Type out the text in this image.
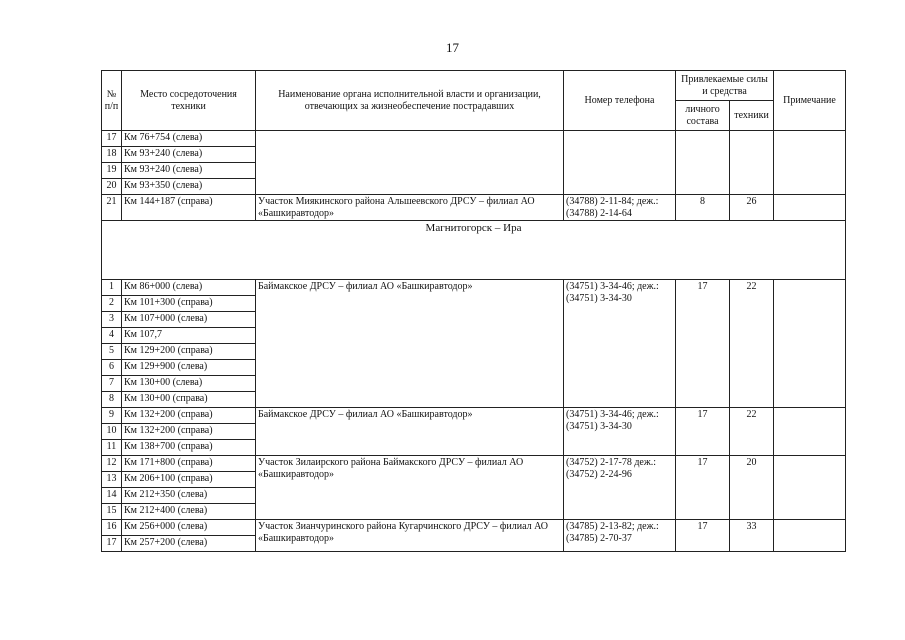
17
№ п/п	Место сосредоточения техники	Наименование органа исполнительной власти и организации, отвечающих за жизнеобеспечение пострадавших	Номер телефона	Привлекаемые силы и средства		Примечание
				личного состава	техники	
17	Км 76+754 (слева)					
18	Км 93+240 (слева)					
19	Км 93+240 (слева)					
20	Км 93+350 (слева)					
21	Км 144+187 (справа)	Участок Миякинского района Альшеевского ДРСУ – филиал АО «Башкиравтодор»	(34788) 2-11-84; деж.: (34788) 2-14-64	8	26	
Магнитогорск – Ира						
1	Км 86+000 (слева)	Баймакское ДРСУ – филиал АО «Башкиравтодор»	(34751) 3-34-46; деж.: (34751) 3-34-30	17	22	
2	Км 101+300 (справа)					
3	Км 107+000 (слева)					
4	Км 107,7					
5	Км 129+200 (справа)					
6	Км 129+900 (слева)					
7	Км 130+00 (слева)					
8	Км 130+00 (справа)					
9	Км 132+200 (справа)	Баймакское ДРСУ – филиал АО «Башкиравтодор»	(34751) 3-34-46; деж.: (34751) 3-34-30	17	22	
10	Км 132+200 (справа)					
11	Км 138+700 (справа)					
12	Км 171+800 (справа)	Участок Зилаирского района Баймакского ДРСУ – филиал АО «Башкиравтодор»	(34752) 2-17-78 деж.: (34752) 2-24-96	17	20	
13	Км 206+100 (справа)					
14	Км 212+350 (слева)					
15	Км 212+400 (слева)					
16	Км 256+000 (слева)	Участок Зианчуринского района Кугарчинского ДРСУ – филиал АО «Башкиравтодор»	(34785) 2-13-82; деж.: (34785) 2-70-37	17	33	
17	Км 257+200 (слева)					
